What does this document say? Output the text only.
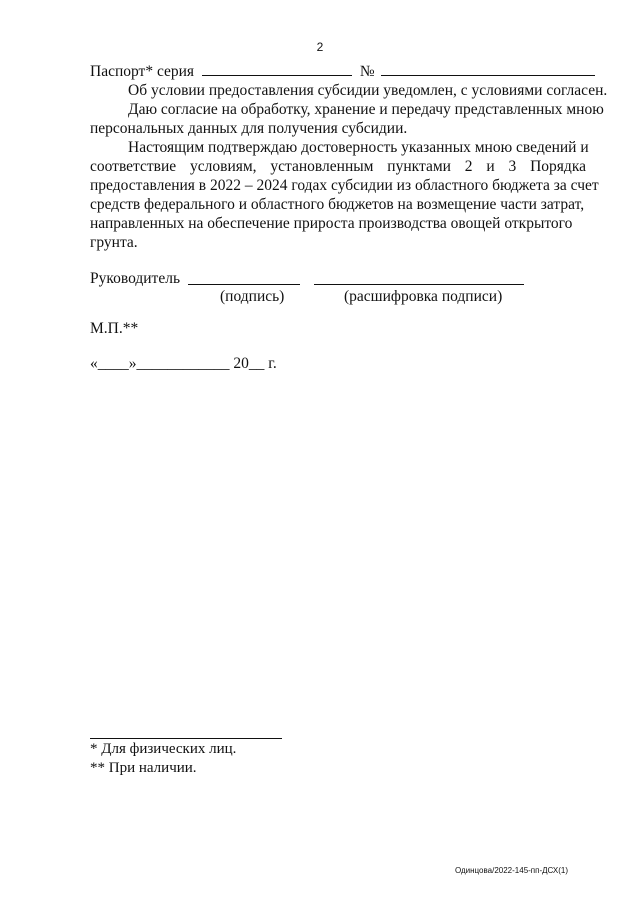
2
Паспорт* серия	№
Об условии предоставления субсидии уведомлен, с условиями согласен.
Даю согласие на обработку, хранение и передачу представленных мною
персональных данных для получения субсидии.
Настоящим подтверждаю достоверность указанных мною сведений и
соответствие условиям, установленным пунктами 2 и 3 Порядка
предоставления в 2022 – 2024 годах субсидии из областного бюджета за счет
средств федерального и областного бюджетов на возмещение части затрат,
направленных на обеспечение прироста производства овощей открытого
грунта.
Руководитель
(подпись)	(расшифровка подписи)
М.П.**
«____»____________ 20__ г.
* Для физических лиц.
** При наличии.
Одинцова/2022-145-пп-ДСХ(1)
